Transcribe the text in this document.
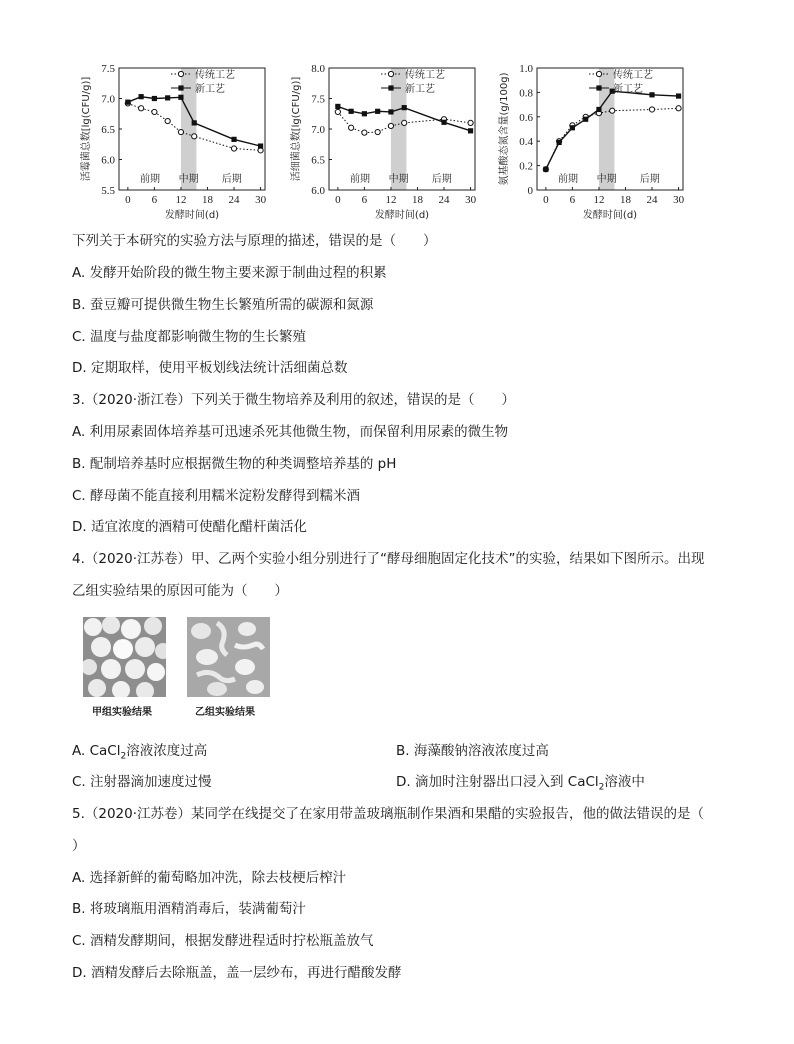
5.5
6.0
6.5
7.0
7.5
0 6 12 18 24 30
发酵时间(d)
活霉菌总数[lg(CFU/g)]	前期 中期 后期
传统工艺
新工艺
6.0
6.5
7.0
7.5
8.0
0 6 12 18 24 30
发酵时间(d)
活细菌总数[lg(CFU/g)]	前期 中期 后期
传统工艺
新工艺
0
0.2
0.4
0.6
0.8
1.0
0 6 12 18 24 30
发酵时间(d)
氨基酸态氮含量(g/100g)	前期 中期 后期
传统工艺
新工艺
下列关于本研究的实验方法与原理的描述，错误的是（　　）
A. 发酵开始阶段的微生物主要来源于制曲过程的积累
B. 蚕豆瓣可提供微生物生长繁殖所需的碳源和氮源
C. 温度与盐度都影响微生物的生长繁殖
D. 定期取样，使用平板划线法统计活细菌总数
3.（2020·浙江卷）下列关于微生物培养及利用的叙述，错误的是（　　）
A. 利用尿素固体培养基可迅速杀死其他微生物，而保留利用尿素的微生物
B. 配制培养基时应根据微生物的种类调整培养基的 pH
C. 酵母菌不能直接利用糯米淀粉发酵得到糯米酒
D. 适宜浓度的酒精可使醋化醋杆菌活化
4.（2020·江苏卷）甲、乙两个实验小组分别进行了“酵母细胞固定化技术”的实验，结果如下图所示。出现
乙组实验结果的原因可能为（　　）
甲组实验结果	乙组实验结果
A. CaCl$_2$溶液浓度过高	B. 海藻酸钠溶液浓度过高
C. 注射器滴加速度过慢	D. 滴加时注射器出口浸入到 CaCl$_2$溶液中
5.（2020·江苏卷）某同学在线提交了在家用带盖玻璃瓶制作果酒和果醋的实验报告，他的做法错误的是（
）
A. 选择新鲜的葡萄略加冲洗，除去枝梗后榨汁
B. 将玻璃瓶用酒精消毒后，装满葡萄汁
C. 酒精发酵期间，根据发酵进程适时拧松瓶盖放气
D. 酒精发酵后去除瓶盖，盖一层纱布，再进行醋酸发酵
